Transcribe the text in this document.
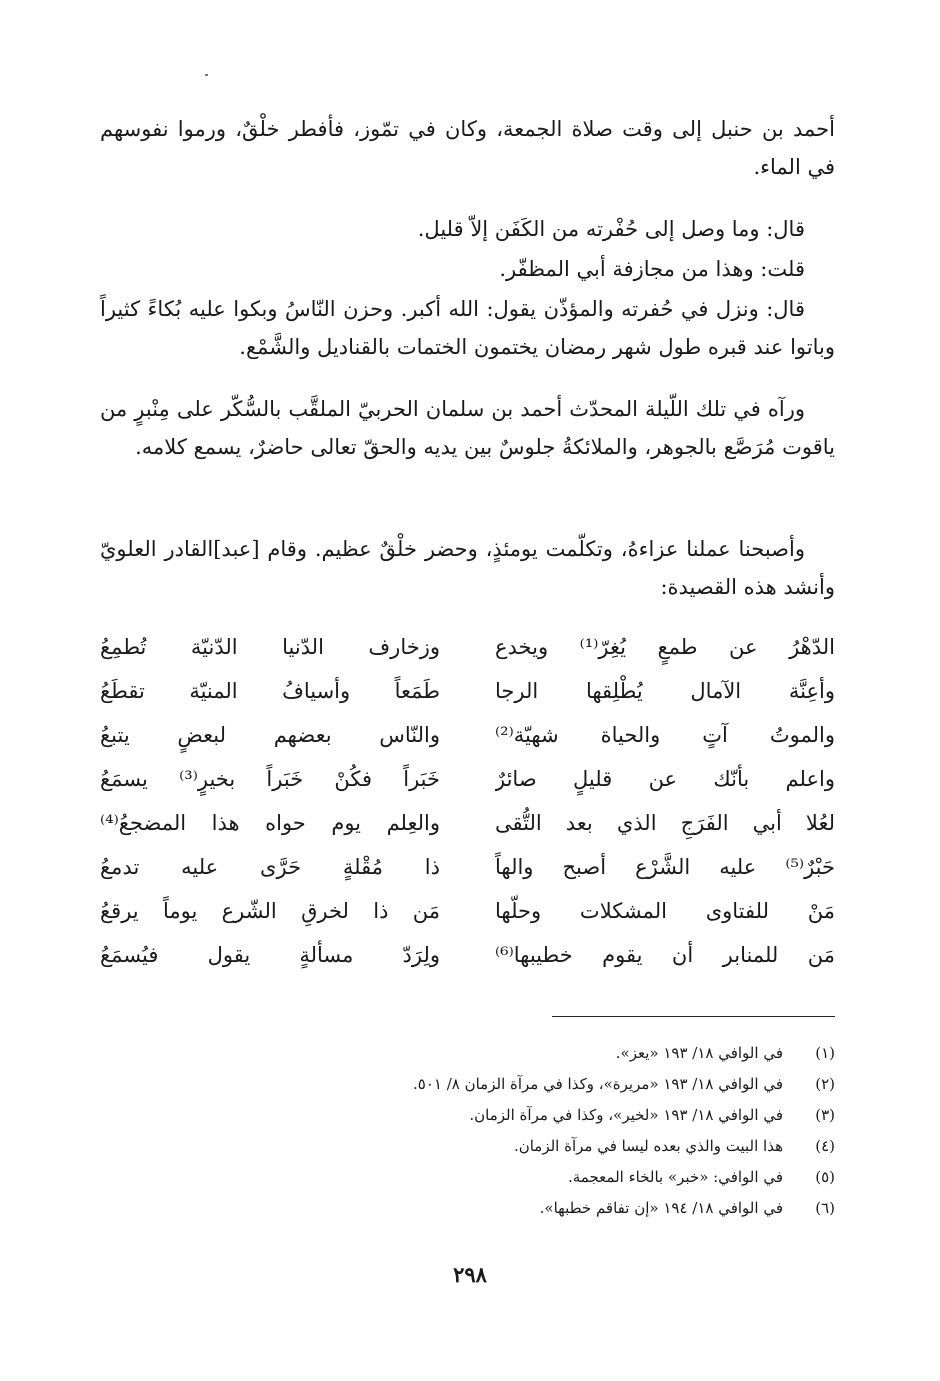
أحمد بن حنبل إلى وقت صلاة الجمعة، وكان في تمّوز، فأفطر خلْقٌ، ورموا نفوسهم في الماء.

قال: وما وصل إلى حُفْرته من الكَفَن إلاّ قليل.

قلت: وهذا من مجازفة أبي المظفّر.

قال: ونزل في حُفرته والمؤذّن يقول: الله أكبر. وحزن النّاسُ وبكوا عليه بُكاءً كثيراً وباتوا عند قبره طول شهر رمضان يختمون الختمات بالقناديل والشَّمْع.

ورآه في تلك اللّيلة المحدّث أحمد بن سلمان الحربيّ الملقَّب بالسُّكّر على مِنْبرٍ من ياقوت مُرَصَّع بالجوهر، والملائكةُ جلوسٌ بين يديه والحقّ تعالى حاضرٌ، يسمع كلامه.

وأصبحنا عملنا عزاءهُ، وتكلّمت يومئذٍ، وحضر خلْقٌ عظيم. وقام [عبد]القادر العلويّ وأنشد هذه القصيدة:

الدّهْرُ عن طمعٍ يُغِرّ⁽¹⁾ ويخدع
وزخارف الدّنيا الدّنيّة تُطمِعُ
وأعِنَّة الآمال يُطْلِقها الرجا
طَمَعاً وأسيافُ المنيّة تقطَعُ
والموتُ آتٍ والحياة شهيّة⁽²⁾
والنّاس بعضهم لبعضٍ يتبعُ
واعلم بأنّك عن قليلٍ صائرٌ
خَبَراً فكُنْ خَبَراً بخيرٍ⁽³⁾ يسمَعُ
لعُلا أبي الفَرَجِ الذي بعد التُّقى
والعِلم يوم حواه هذا المضجعُ⁽⁴⁾
حَبْرٌ⁽⁵⁾ عليه الشَّرْع أصبح والهاً
ذا مُقْلةٍ حَرَّى عليه تدمعُ
مَنْ للفتاوى المشكلات وحلّها
مَن ذا لخرقِ الشّرع يوماً يرقعُ
مَن للمنابر أن يقوم خطيبها⁽⁶⁾
ولِرَدّ مسألةٍ يقول فيُسمَعُ
(١)
في الوافي ١٨/ ١٩٣ «يعز».
(٢)
في الوافي ١٨/ ١٩٣ «مريرة»، وكذا في مرآة الزمان ٨/ ٥٠١.
(٣)
في الوافي ١٨/ ١٩٣ «لخير»، وكذا في مرآة الزمان.
(٤)
هذا البيت والذي بعده ليسا في مرآة الزمان.
(٥)
في الوافي: «خبر» بالخاء المعجمة.
(٦)
في الوافي ١٨/ ١٩٤ «إن تفاقم خطبها».
٢٩٨
